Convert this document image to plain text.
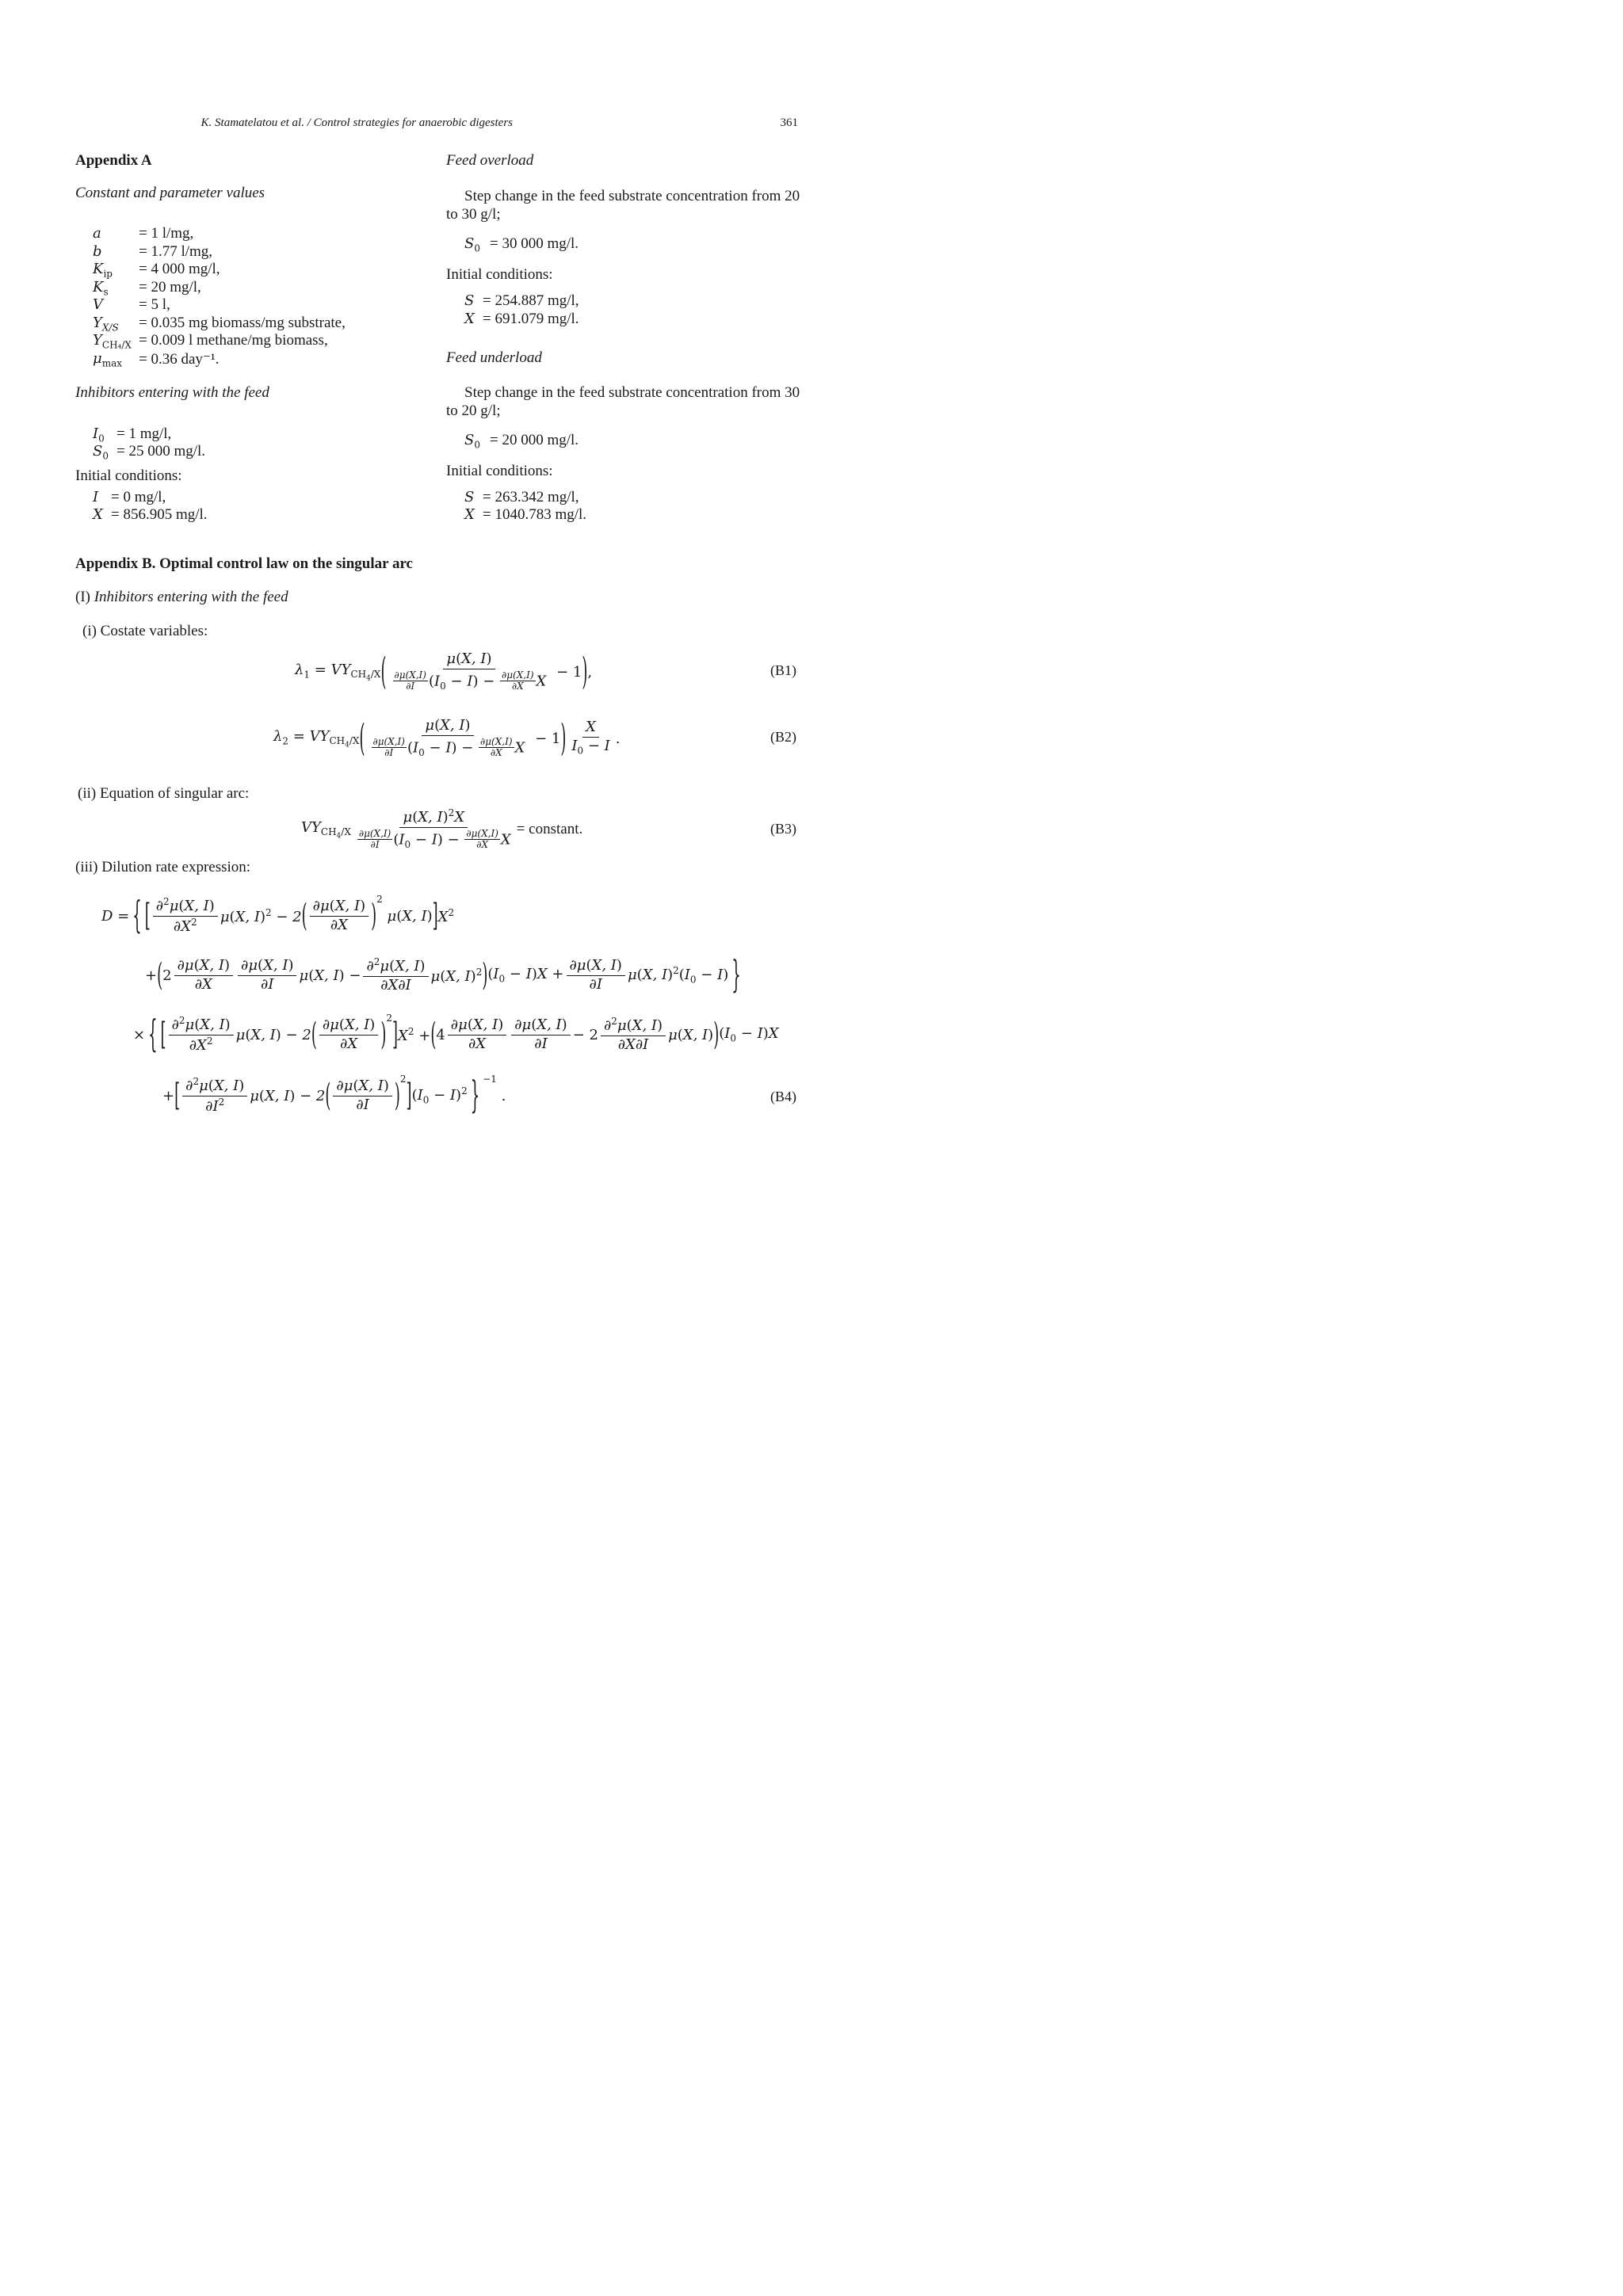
K. Stamatelatou et al. / Control strategies for anaerobic digesters	361
Appendix A
Constant and parameter values
a = 1 l/mg,
b = 1.77 l/mg,
$K_{ip} = 4$ 000 mg/l,
$K_s = 20$ mg/l,
V = 5 l,
$Y_{X/S} = 0.035$ mg biomass/mg substrate,
$Y_{CH_4/X} = 0.009$ l methane/mg biomass,
$\mu_{max} = 0.36$ day⁻¹.
Inhibitors entering with the feed
$I_0 = 1$ mg/l,
$S_0 = 25$ 000 mg/l.
Initial conditions:
I = 0 mg/l,
X = 856.905 mg/l.
Feed overload
Step change in the feed substrate concentration from 20
to 30 g/l;
$S_0 = 30$ 000 mg/l.
Initial conditions:
S = 254.887 mg/l,
X = 691.079 mg/l.
Feed underload
Step change in the feed substrate concentration from 30
to 20 g/l;
$S_0 = 20$ 000 mg/l.
Initial conditions:
S = 263.342 mg/l,
X = 1040.783 mg/l.
Appendix B. Optimal control law on the singular arc
(I) Inhibitors entering with the feed
(i) Costate variables:
$\lambda_1 = VY_{CH_4/X}$ ( $\frac{\mu(X, I)}{\frac{\partial\mu(X,I)}{\partial I} (I_0 - I) - \frac{\partial\mu(X,I)}{\partial X} X} - 1$ ) ,	(B1)
$\lambda_2 = VY_{CH_4/X}$ ( $\frac{\mu(X, I)}{\frac{\partial\mu(X,I)}{\partial I} (I_0 - I) - \frac{\partial\mu(X,I)}{\partial X} X} - 1$ ) $\frac{X}{I_0 - I}$ .	(B2)
(ii) Equation of singular arc:
$VY_{CH_4/X} \frac{\mu(X, I)^2X}{\frac{\partial\mu(X,I)}{\partial I} (I_0 - I) - \frac{\partial\mu(X,I)}{\partial X} X}$ = constant.	(B3)
(iii) Dilution rate expression:
D = { [ $\frac{\partial^2\mu(X, I)}{\partial X^2} \mu(X$, I)$^2$ − 2 ( $\frac{\partial\mu(X, I)}{\partial X} )^2$
μ(X, I) ] $X^2$
+ ( $2 \frac{\partial\mu(X, I)}{\partial X} \frac{\partial\mu(X, I)}{\partial I} \mu(X$, $I) - \frac{\partial^2\mu(X, I)}{\partial X\partial I} \mu(X$, I)$^2$ ) $(I_0 - I)X + \frac{\partial\mu(X, I)}{\partial I} \mu(X$, $I)^2(I_0 - I)$ }
× { [ $\frac{\partial^2\mu(X, I)}{\partial X^2} \mu(X$, I) − 2 ( $\frac{\partial\mu(X, I)}{\partial X} )^2$ ] $X^2$ + ( $4 \frac{\partial\mu(X, I)}{\partial X} \frac{\partial\mu(X, I)}{\partial I} - 2 \frac{\partial^2\mu(X, I)}{\partial X\partial I} \mu(X$, I) ) $(I_0 - I)X$
+ [ $\frac{\partial^2\mu(X, I)}{\partial I^2} \mu(X$, I) − 2 ( $\frac{\partial\mu(X, I)}{\partial I} )^2$ ] $(I_0 - I)^2$ } $^{-1}$
.	(B4)
